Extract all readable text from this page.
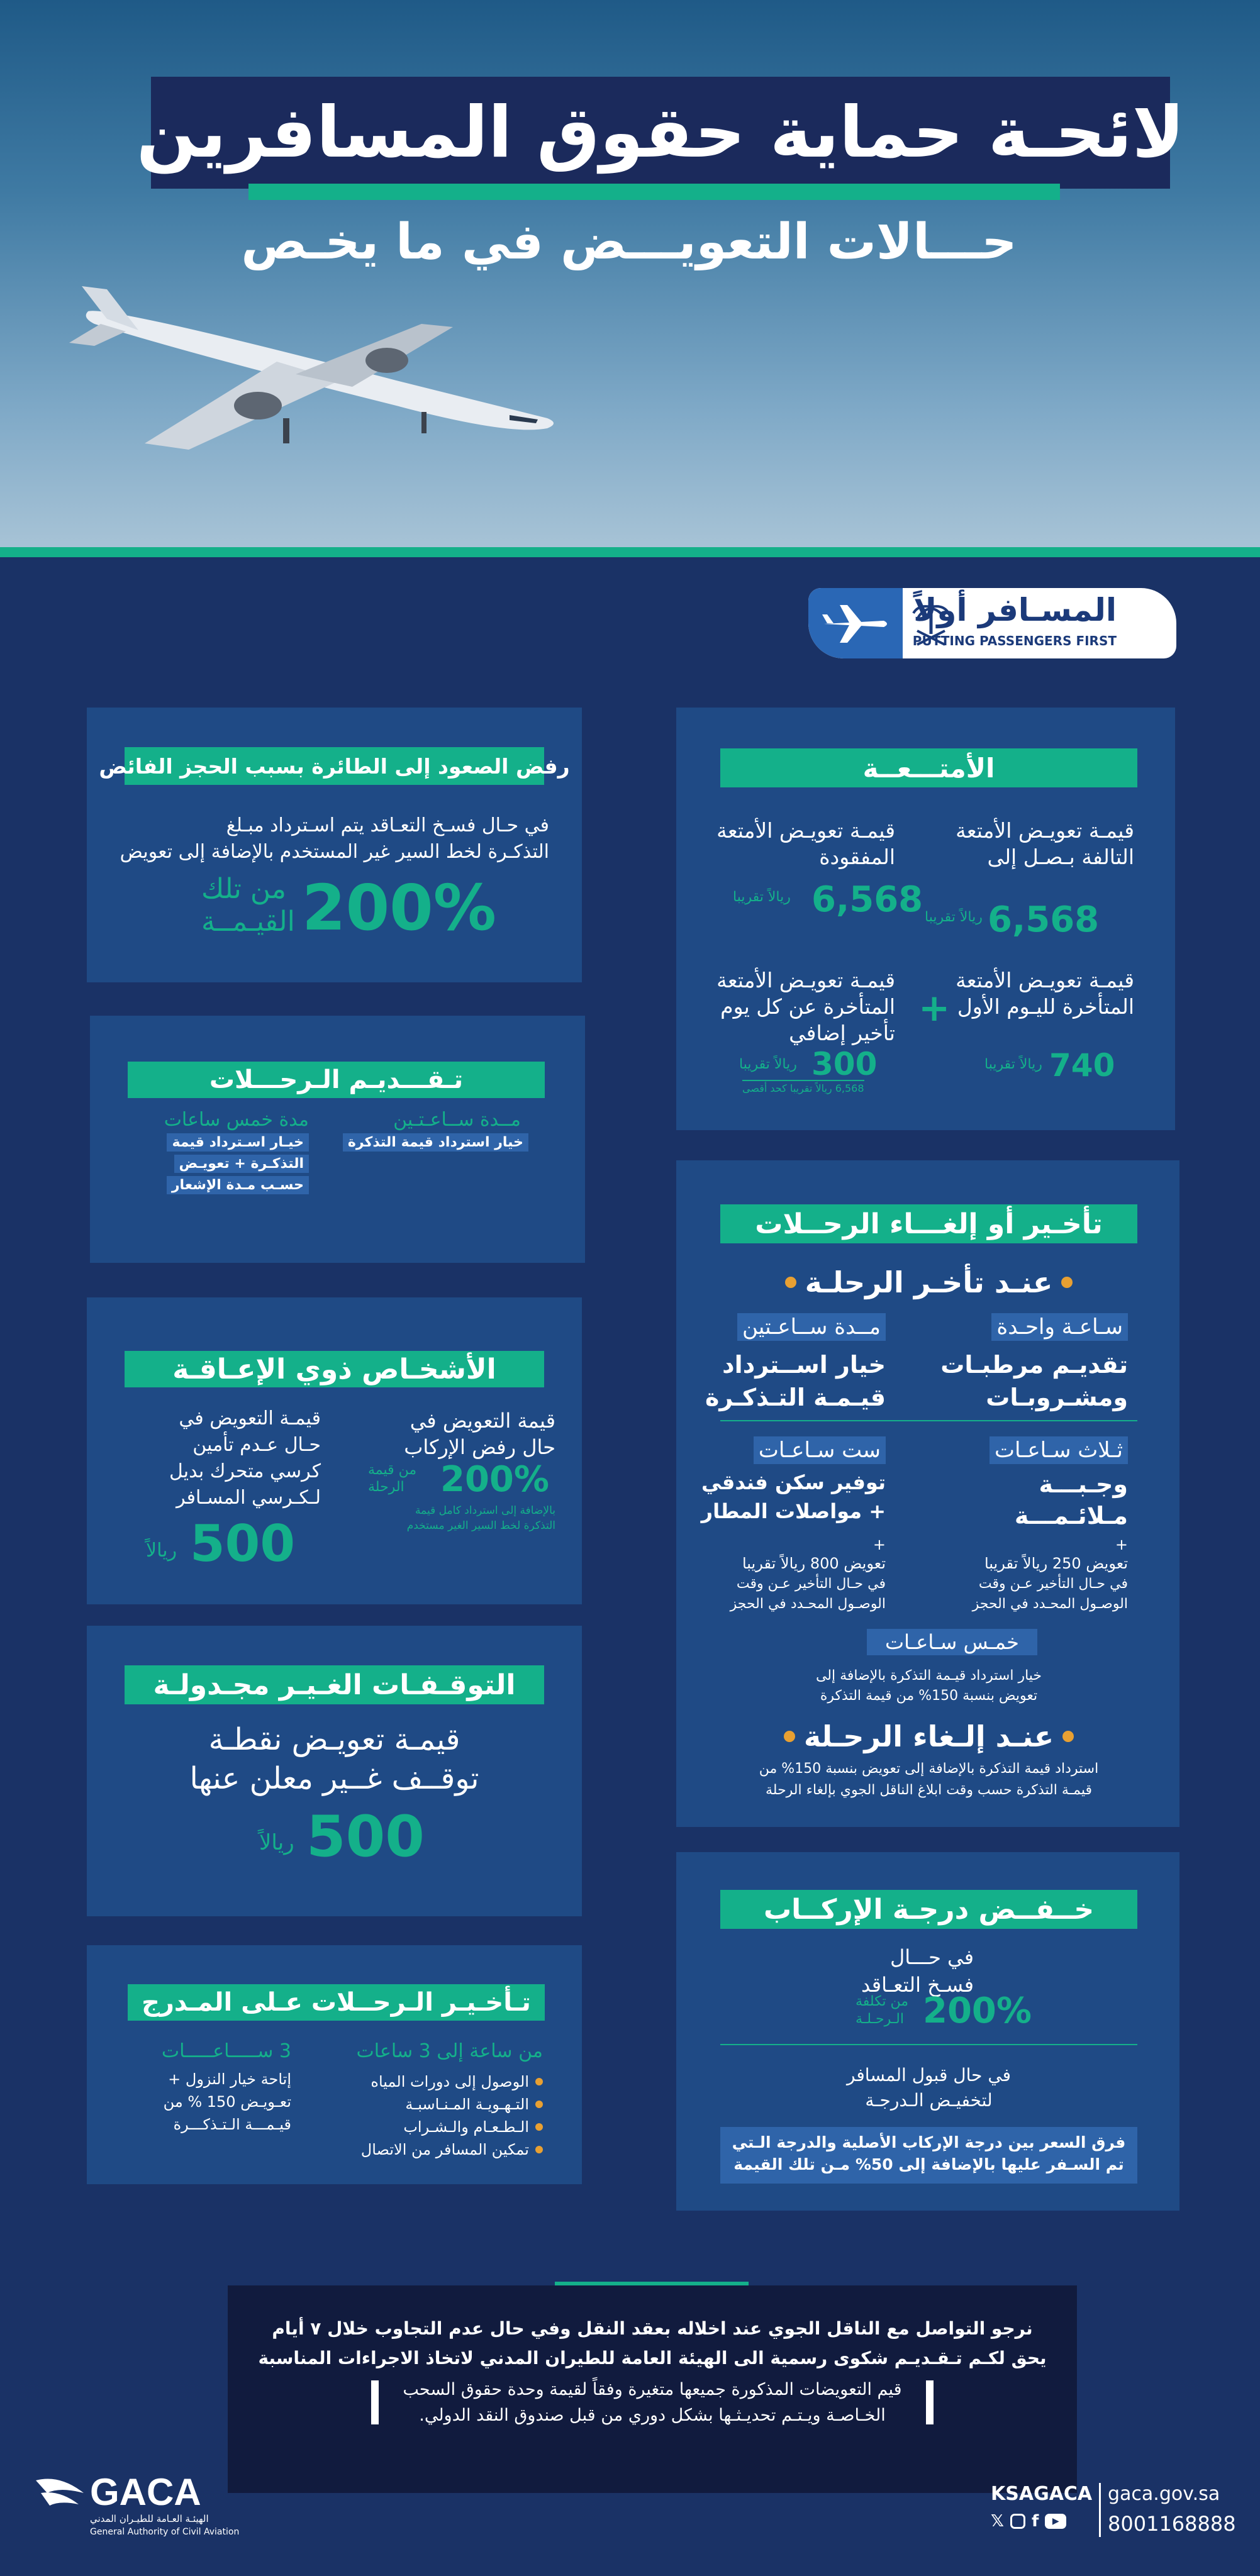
لائحـة حماية حقوق المسافرين
حـــالات التعويـــض في ما يخـص
المسـافر أولاً
PUTTING PASSENGERS FIRST
الأمتـــعــة
قيمـة تعويـض الأمتعة التالفة بـصـل إلى
6,568
ريالاً تقريبا
قيمـة تعويـض الأمتعة المفقودة
6,568
ريالاً تقريبا
+
قيمـة تعويـض الأمتعة المتأخرة لليـوم الأول
740
ريالاً تقريبا
قيمـة تعويـض الأمتعة المتأخرة عن كل يوم تأخير إضافي
300
ريالاً تقريبا
6,568 ريالاً تقريبا كحد أقصى
رفض الصعود إلى الطائرة بسبب الحجز الفائض
في حـال فسـخ التعـاقد يتم اسـترداد مبـلغ
التذكـرة لخط السير غير المستخدم بالإضافة إلى تعويض
200%
من تلك
القيـمــة
تـقـــديـم الـرحـــلات
مــدة ســاعـتـين
خيار استرداد قيمة التذكرة
مدة خمس ساعات
خيـار اسـترداد قيمة
التذكـرة + تعويـض
حسـب مـدة الإشعار
الأشخـاص ذوي الإعـاقـة
قيمة التعويض في
حال رفض الإركاب
200%
من قيمة
الرحلة
بالإضافة إلى استرداد كامل قيمة
التذكرة لخط السير الغير مستخدم
قيمـة التعويض في
حـال عـدم تأمين
كرسي متحرك بديل
لـكـرسي المسـافر
500
ريالاً
التوقـفـات الغـيـر مجـدولـة
قيمـة تعويـض نقطـة
توقــف غــير معلن عنها
500
ريالاً
تـأخـيـر الـرحــلات عـلى المـدرج
من ساعة إلى 3 ساعات
الوصول إلى دورات المياه
التـهـويـة المـنـاسبـة
الـطـعـام والـشـراب
تمكين المسافر من الاتصال
3 ســـــاعـــــات
إتاحة خيار النزول +
تعـويـض 150 % من
قيـمـــة الـتـذكـــرة
تأخـير أو إلغـــاء الرحــلات
عنـد تأخـر الرحلـة
سـاعـة واحـدة
تقديـم مرطبـات
ومشـروبـات
مــدة ســاعـتين
خيار اســترداد
قيـمـة التـذكـرة
ثـلاث سـاعـات
وجـبـــة
مـلائـمـــة
+
تعويض 250 ريالاً تقريبا
في حـال التأخير عـن وقت
الوصـول المحـدد في الحجز
ست سـاعـات
توفير سكن فندقي
+ مواصلات المطار
+
تعويض 800 ريالاً تقريبا
في حـال التأخير عـن وقت
الوصـول المحـدد في الحجز
خمـس سـاعـات
خيار استرداد قيـمة التذكرة بالإضافة إلى
تعويض بنسبة 150% من قيمة التذكرة
عنـد إلـغاء الرحـلة
استرداد قيمة التذكرة بالإضافة إلى تعويض بنسبة 150% من
قيمـة التذكرة حسب وقت ابلاغ الناقل الجوي بإلغاء الرحلة
خــفــض درجـة الإركــاب
في حـــال
فسـخ التعـاقد
200%
من تكلفة
الـرحـلـة
في حال قبول المسافر
لتخفيـض الـدرجـة
فرق السعر بين درجة الإركاب الأصلية والدرجة الـتي
تم السـفر عليها بالإضافة إلى 50% مـن تلك القيمة
نرجو التواصل مع الناقل الجوي عند اخلاله بعقد النقل وفي حال عدم التجاوب خلال ٧ أيام
يحق لكـم تـقـديـم شكوى رسمية الى الهيئة العامة للطيران المدني لاتخاذ الاجراءات المناسبة
قيم التعويضات المذكورة جميعها متغيرة وفقاً لقيمة وحدة حقوق السحب
الخـاصـة ويـتـم تحديـثـها بشكل دوري من قبل صندوق النقد الدولي.
GACA
الهيئـة العـامة للطيـران المدني
General Authority of Civil Aviation
KSAGACA gaca.gov.sa
𝕏 f	▶	8001168888
